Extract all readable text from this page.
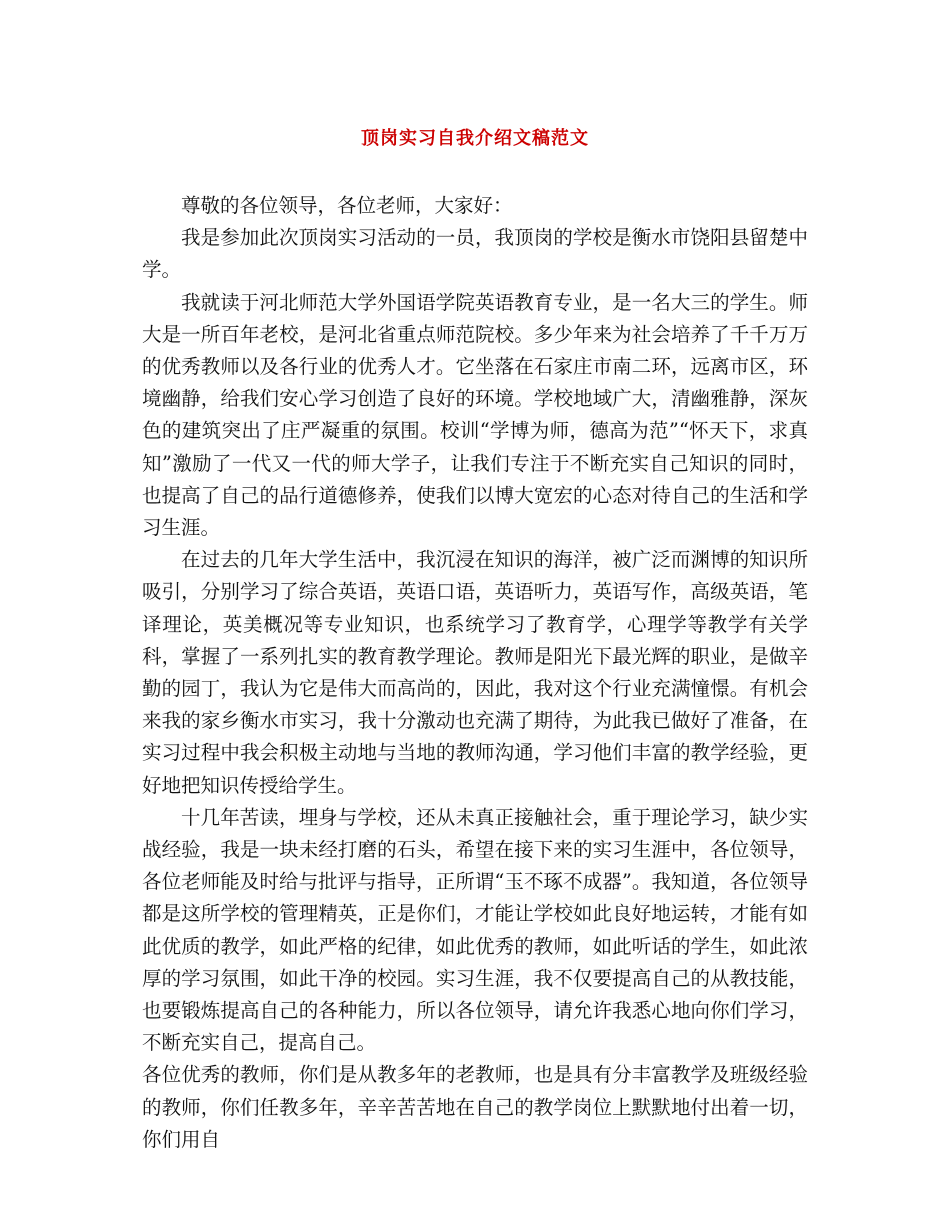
顶岗实习自我介绍文稿范文

尊敬的各位领导，各位老师，大家好：

我是参加此次顶岗实习活动的一员，我顶岗的学校是衡水市饶阳县留楚中学。

我就读于河北师范大学外国语学院英语教育专业，是一名大三的学生。师大是一所百年老校，是河北省重点师范院校。多少年来为社会培养了千千万万的优秀教师以及各行业的优秀人才。它坐落在石家庄市南二环，远离市区，环境幽静，给我们安心学习创造了良好的环境。学校地域广大，清幽雅静，深灰色的建筑突出了庄严凝重的氛围。校训“学博为师，德高为范”“怀天下，求真知”激励了一代又一代的师大学子，让我们专注于不断充实自己知识的同时，也提高了自己的品行道德修养，使我们以博大宽宏的心态对待自己的生活和学习生涯。

在过去的几年大学生活中，我沉浸在知识的海洋，被广泛而渊博的知识所吸引，分别学习了综合英语，英语口语，英语听力，英语写作，高级英语，笔译理论，英美概况等专业知识，也系统学习了教育学，心理学等教学有关学科，掌握了一系列扎实的教育教学理论。教师是阳光下最光辉的职业，是做辛勤的园丁，我认为它是伟大而高尚的，因此，我对这个行业充满憧憬。有机会来我的家乡衡水市实习，我十分激动也充满了期待，为此我已做好了准备，在实习过程中我会积极主动地与当地的教师沟通，学习他们丰富的教学经验，更好地把知识传授给学生。

十几年苦读，埋身与学校，还从未真正接触社会，重于理论学习，缺少实战经验，我是一块未经打磨的石头，希望在接下来的实习生涯中，各位领导，各位老师能及时给与批评与指导，正所谓“玉不琢不成器”。我知道，各位领导都是这所学校的管理精英，正是你们，才能让学校如此良好地运转，才能有如此优质的教学，如此严格的纪律，如此优秀的教师，如此听话的学生，如此浓厚的学习氛围，如此干净的校园。实习生涯，我不仅要提高自己的从教技能，也要锻炼提高自己的各种能力，所以各位领导，请允许我悉心地向你们学习，不断充实自己，提高自己。

各位优秀的教师，你们是从教多年的老教师，也是具有分丰富教学及班级经验的教师，你们任教多年，辛辛苦苦地在自己的教学岗位上默默地付出着一切，你们用自
